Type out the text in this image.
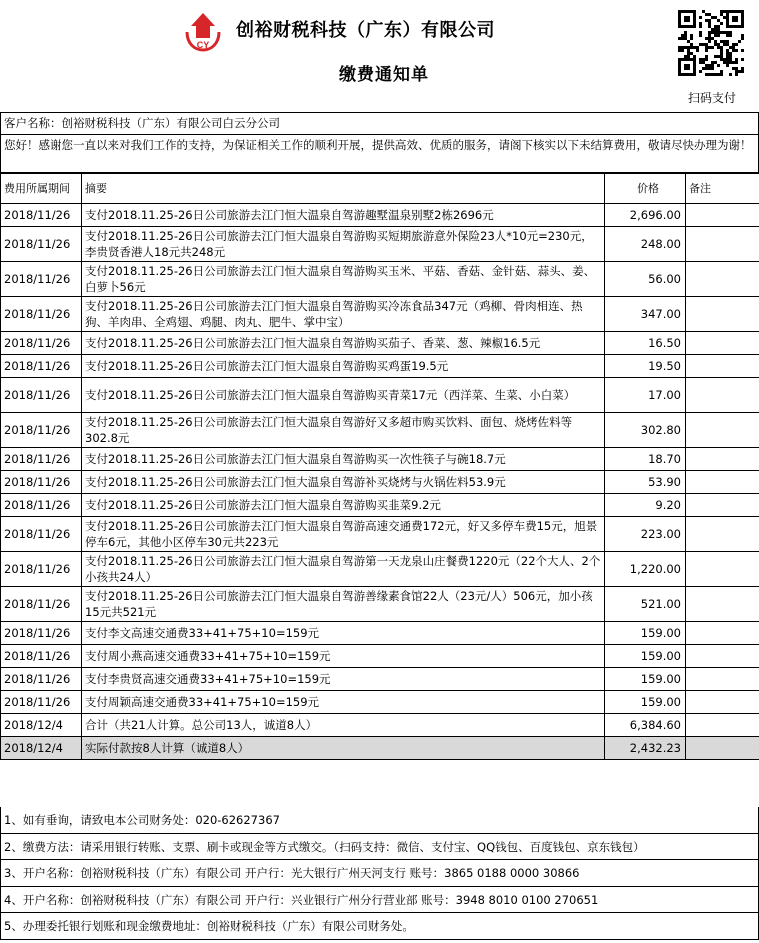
CY
创裕财税科技（广东）有限公司
缴费通知单
扫码支付
客户名称：创裕财税科技（广东）有限公司白云分公司
您好！感谢您一直以来对我们工作的支持，为保证相关工作的顺利开展，提供高效、优质的服务，请阁下核实以下未结算费用，敬请尽快办理为谢！
费用所属期间	摘要	价格	备注
2018/11/26	支付2018.11.25-26日公司旅游去江门恒大温泉自驾游趣墅温泉别墅2栋2696元	2,696.00	
2018/11/26	支付2018.11.25-26日公司旅游去江门恒大温泉自驾游购买短期旅游意外保险23人*10元=230元，李贵贤香港人18元共248元	248.00	
2018/11/26	支付2018.11.25-26日公司旅游去江门恒大温泉自驾游购买玉米、平菇、香菇、金针菇、蒜头、姜、白萝卜56元	56.00	
2018/11/26	支付2018.11.25-26日公司旅游去江门恒大温泉自驾游购买冷冻食品347元（鸡柳、骨肉相连、热狗、羊肉串、全鸡翅、鸡腿、肉丸、肥牛、掌中宝）	347.00	
2018/11/26	支付2018.11.25-26日公司旅游去江门恒大温泉自驾游购买茄子、香菜、葱、辣椒16.5元	16.50	
2018/11/26	支付2018.11.25-26日公司旅游去江门恒大温泉自驾游购买鸡蛋19.5元	19.50	
2018/11/26	支付2018.11.25-26日公司旅游去江门恒大温泉自驾游购买青菜17元（西洋菜、生菜、小白菜）	17.00	
2018/11/26	支付2018.11.25-26日公司旅游去江门恒大温泉自驾游好又多超市购买饮料、面包、烧烤佐料等302.8元	302.80	
2018/11/26	支付2018.11.25-26日公司旅游去江门恒大温泉自驾游购买一次性筷子与碗18.7元	18.70	
2018/11/26	支付2018.11.25-26日公司旅游去江门恒大温泉自驾游补买烧烤与火锅佐料53.9元	53.90	
2018/11/26	支付2018.11.25-26日公司旅游去江门恒大温泉自驾游购买韭菜9.2元	9.20	
2018/11/26	支付2018.11.25-26日公司旅游去江门恒大温泉自驾游高速交通费172元，好又多停车费15元，旭景停车6元，其他小区停车30元共223元	223.00	
2018/11/26	支付2018.11.25-26日公司旅游去江门恒大温泉自驾游第一天龙泉山庄餐费1220元（22个大人、2个小孩共24人）	1,220.00	
2018/11/26	支付2018.11.25-26日公司旅游去江门恒大温泉自驾游善缘素食馆22人（23元/人）506元，加小孩15元共521元	521.00	
2018/11/26	支付李文高速交通费33+41+75+10=159元	159.00	
2018/11/26	支付周小燕高速交通费33+41+75+10=159元	159.00	
2018/11/26	支付李贵贤高速交通费33+41+75+10=159元	159.00	
2018/11/26	支付周颖高速交通费33+41+75+10=159元	159.00	
2018/12/4	合计（共21人计算。总公司13人，诚道8人）	6,384.60	
2018/12/4	实际付款按8人计算（诚道8人）	2,432.23	
1、如有垂询，请致电本公司财务处：020-62627367
2、缴费方法：请采用银行转账、支票、刷卡或现金等方式缴交。（扫码支持：微信、支付宝、QQ钱包、百度钱包、京东钱包）
3、开户名称：创裕财税科技（广东）有限公司 开户行：光大银行广州天河支行 账号：3865 0188 0000 30866
4、开户名称：创裕财税科技（广东）有限公司 开户行：兴业银行广州分行营业部 账号：3948 8010 0100 270651
5、办理委托银行划账和现金缴费地址：创裕财税科技（广东）有限公司财务处。
